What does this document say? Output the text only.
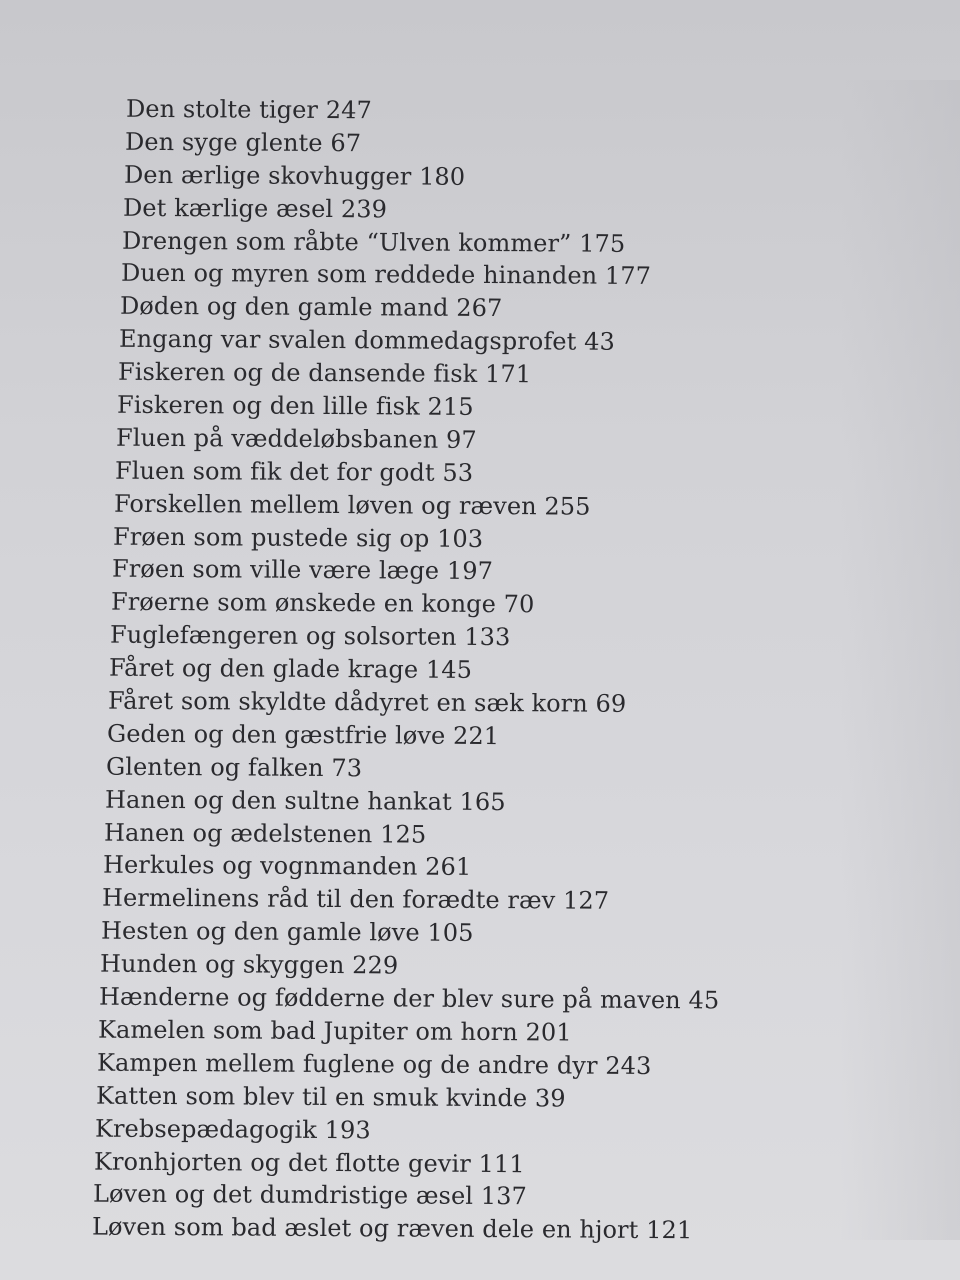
Den stolte tiger 247
Den syge glente 67
Den ærlige skovhugger 180
Det kærlige æsel 239
Drengen som råbte “Ulven kommer” 175
Duen og myren som reddede hinanden 177
Døden og den gamle mand 267
Engang var svalen dommedagsprofet 43
Fiskeren og de dansende fisk 171
Fiskeren og den lille fisk 215
Fluen på væddeløbsbanen 97
Fluen som fik det for godt 53
Forskellen mellem løven og ræven 255
Frøen som pustede sig op 103
Frøen som ville være læge 197
Frøerne som ønskede en konge 70
Fuglefængeren og solsorten 133
Fåret og den glade krage 145
Fåret som skyldte dådyret en sæk korn 69
Geden og den gæstfrie løve 221
Glenten og falken 73
Hanen og den sultne hankat 165
Hanen og ædelstenen 125
Herkules og vognmanden 261
Hermelinens råd til den forædte ræv 127
Hesten og den gamle løve 105
Hunden og skyggen 229
Hænderne og fødderne der blev sure på maven 45
Kamelen som bad Jupiter om horn 201
Kampen mellem fuglene og de andre dyr 243
Katten som blev til en smuk kvinde 39
Krebsepædagogik 193
Kronhjorten og det flotte gevir 111
Løven og det dumdristige æsel 137
Løven som bad æslet og ræven dele en hjort 121
